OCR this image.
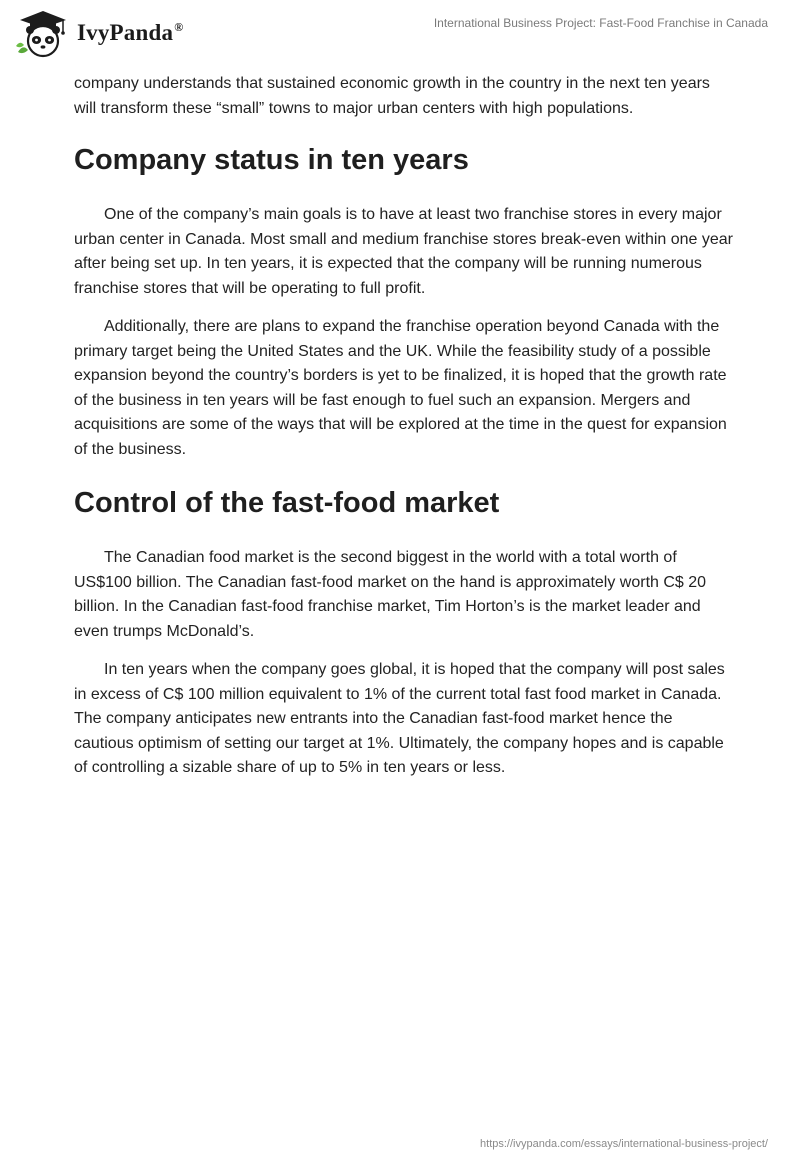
IvyPanda®	International Business Project: Fast-Food Franchise in Canada

company understands that sustained economic growth in the country in the next ten years will transform these “small” towns to major urban centers with high populations.

Company status in ten years

One of the company’s main goals is to have at least two franchise stores in every major urban center in Canada. Most small and medium franchise stores break-even within one year after being set up. In ten years, it is expected that the company will be running numerous franchise stores that will be operating to full profit.

Additionally, there are plans to expand the franchise operation beyond Canada with the primary target being the United States and the UK. While the feasibility study of a possible expansion beyond the country’s borders is yet to be finalized, it is hoped that the growth rate of the business in ten years will be fast enough to fuel such an expansion. Mergers and acquisitions are some of the ways that will be explored at the time in the quest for expansion of the business.

Control of the fast-food market

The Canadian food market is the second biggest in the world with a total worth of US$100 billion. The Canadian fast-food market on the hand is approximately worth C$ 20 billion. In the Canadian fast-food franchise market, Tim Horton’s is the market leader and even trumps McDonald’s.

In ten years when the company goes global, it is hoped that the company will post sales in excess of C$ 100 million equivalent to 1% of the current total fast food market in Canada. The company anticipates new entrants into the Canadian fast-food market hence the cautious optimism of setting our target at 1%. Ultimately, the company hopes and is capable of controlling a sizable share of up to 5% in ten years or less.

https://ivypanda.com/essays/international-business-project/
